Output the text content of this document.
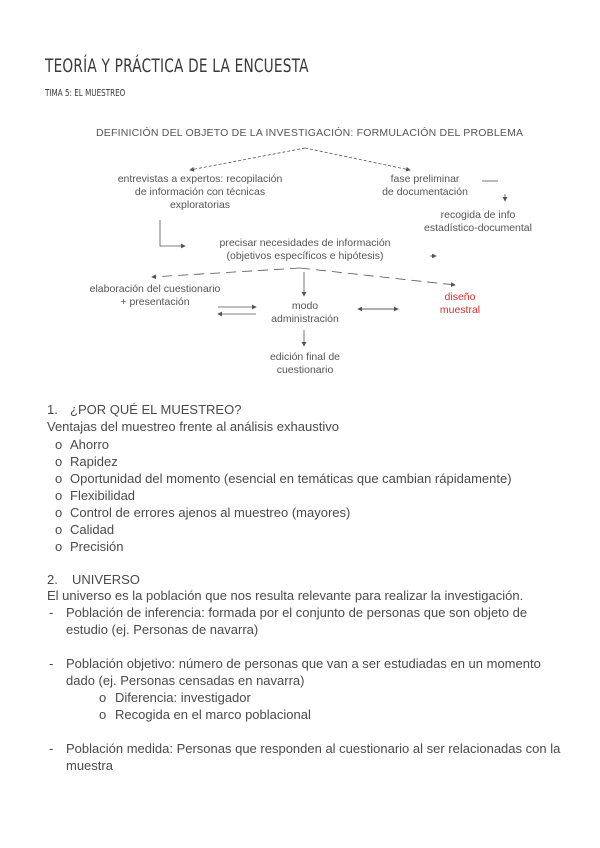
TEORÍA Y PRÁCTICA DE LA ENCUESTA
TIMA 5: EL MUESTREO
DEFINICIÓN DEL OBJETO DE LA INVESTIGACIÓN: FORMULACIÓN DEL PROBLEMA
entrevistas a expertos: recopilación
de información con técnicas
exploratorias
fase preliminar
de documentación
recogida de info
estadístico-documental
precisar necesidades de información
(objetivos específicos e hipótesis)
elaboración del cuestionario
+ presentación	modo
administración
diseño
muestral
edición final de
cuestionario
1. ¿POR QUÉ EL MUESTREO?
Ventajas del muestreo frente al análisis exhaustivo
o Ahorro
o Rapidez
o Oportunidad del momento (esencial en temáticas que cambian rápidamente)
o Flexibilidad
o Control de errores ajenos al muestreo (mayores)
o Calidad
o Precisión
2. UNIVERSO
El universo es la población que nos resulta relevante para realizar la investigación.
- Población de inferencia: formada por el conjunto de personas que son objeto de
estudio (ej. Personas de navarra)
- Población objetivo: número de personas que van a ser estudiadas en un momento
dado (ej. Personas censadas en navarra)
o Diferencia: investigador
o Recogida en el marco poblacional
- Población medida: Personas que responden al cuestionario al ser relacionadas con la
muestra
